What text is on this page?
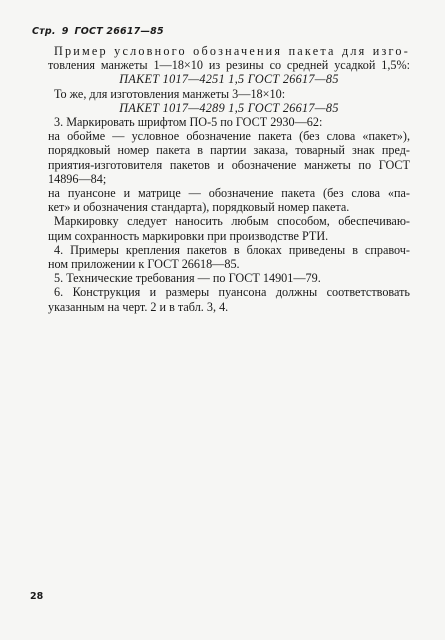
Стр. 9 ГОСТ 26617—85
Пример условного обозначения пакета для изго-
товления манжеты 1—18×10 из резины со средней усадкой 1,5%:
ПАКЕТ 1017—4251 1,5 ГОСТ 26617—85
То же, для изготовления манжеты 3—18×10:
ПАКЕТ 1017—4289 1,5 ГОСТ 26617—85
3. Маркировать шрифтом ПО-5 по ГОСТ 2930—62:
на обойме — условное обозначение пакета (без слова «пакет»),
порядковый номер пакета в партии заказа, товарный знак пред-
приятия-изготовителя пакетов и обозначение манжеты по ГОСТ
14896—84;
на пуансоне и матрице — обозначение пакета (без слова «па-
кет» и обозначения стандарта), порядковый номер пакета.
Маркировку следует наносить любым способом, обеспечиваю-
щим сохранность маркировки при производстве РТИ.
4. Примеры крепления пакетов в блоках приведены в справоч-
ном приложении к ГОСТ 26618—85.
5. Технические требования — по ГОСТ 14901—79.
6. Конструкция и размеры пуансона должны соответствовать
указанным на черт. 2 и в табл. 3, 4.
28
